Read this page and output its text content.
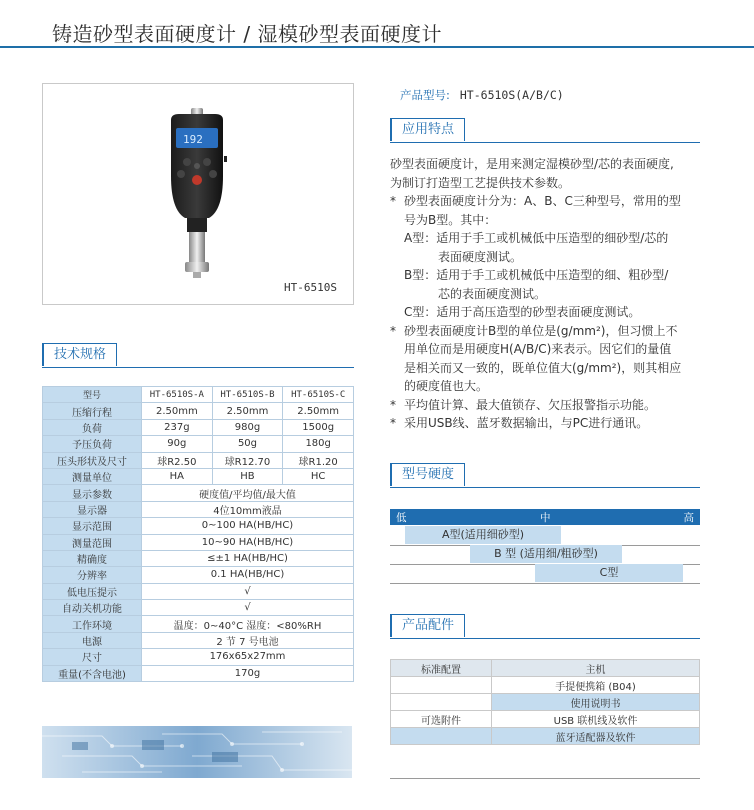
铸造砂型表面硬度计 / 湿模砂型表面硬度计
192
HT-6510S
技术规格
型号	HT-6510S-A	HT-6510S-B	HT-6510S-C
压缩行程	2.50mm	2.50mm	2.50mm
负荷	237g	980g	1500g
予压负荷	90g	50g	180g
压头形状及尺寸	球R2.50	球R12.70	球R1.20
测量单位	HA	HB	HC
显示参数	硬度值/平均值/最大值		
显示器	4位10mm液晶		
显示范围	0~100 HA(HB/HC)		
测量范围	10~90 HA(HB/HC)		
精确度	≤±1 HA(HB/HC)		
分辨率	0.1 HA(HB/HC)		
低电压提示	√		
自动关机功能	√		
工作环境	温度：0~40°C 湿度：<80%RH		
电源	2 节 7 号电池		
尺寸	176x65x27mm		
重量(不含电池)	170g		
产品型号: HT-6510S(A/B/C)
应用特点

砂型表面硬度计，是用来测定湿模砂型/芯的表面硬度,

为制订打造型工艺提供技术参数。

* 砂型表面硬度计分为：A、B、C三种型号，常用的型

号为B型。其中：

A型：适用于手工或机械低中压造型的细砂型/芯的

表面硬度测试。

B型：适用于手工或机械低中压造型的细、粗砂型/

芯的表面硬度测试。

C型：适用于高压造型的砂型表面硬度测试。

* 砂型表面硬度计B型的单位是(g/mm²)，但习惯上不

用单位而是用硬度H(A/B/C)来表示。因它们的量值

是相关而又一致的，既单位值大(g/mm²)，则其相应

的硬度值也大。

* 平均值计算、最大值锁存、欠压报警指示功能。

* 采用USB线、蓝牙数据输出，与PC进行通讯。

型号硬度
低	中	高
A型(适用细砂型)
B 型 (适用细/粗砂型)
C型
产品配件
标准配置	主机
	手提便携箱 (B04)
	使用说明书
可选附件	USB 联机线及软件
	蓝牙适配器及软件
